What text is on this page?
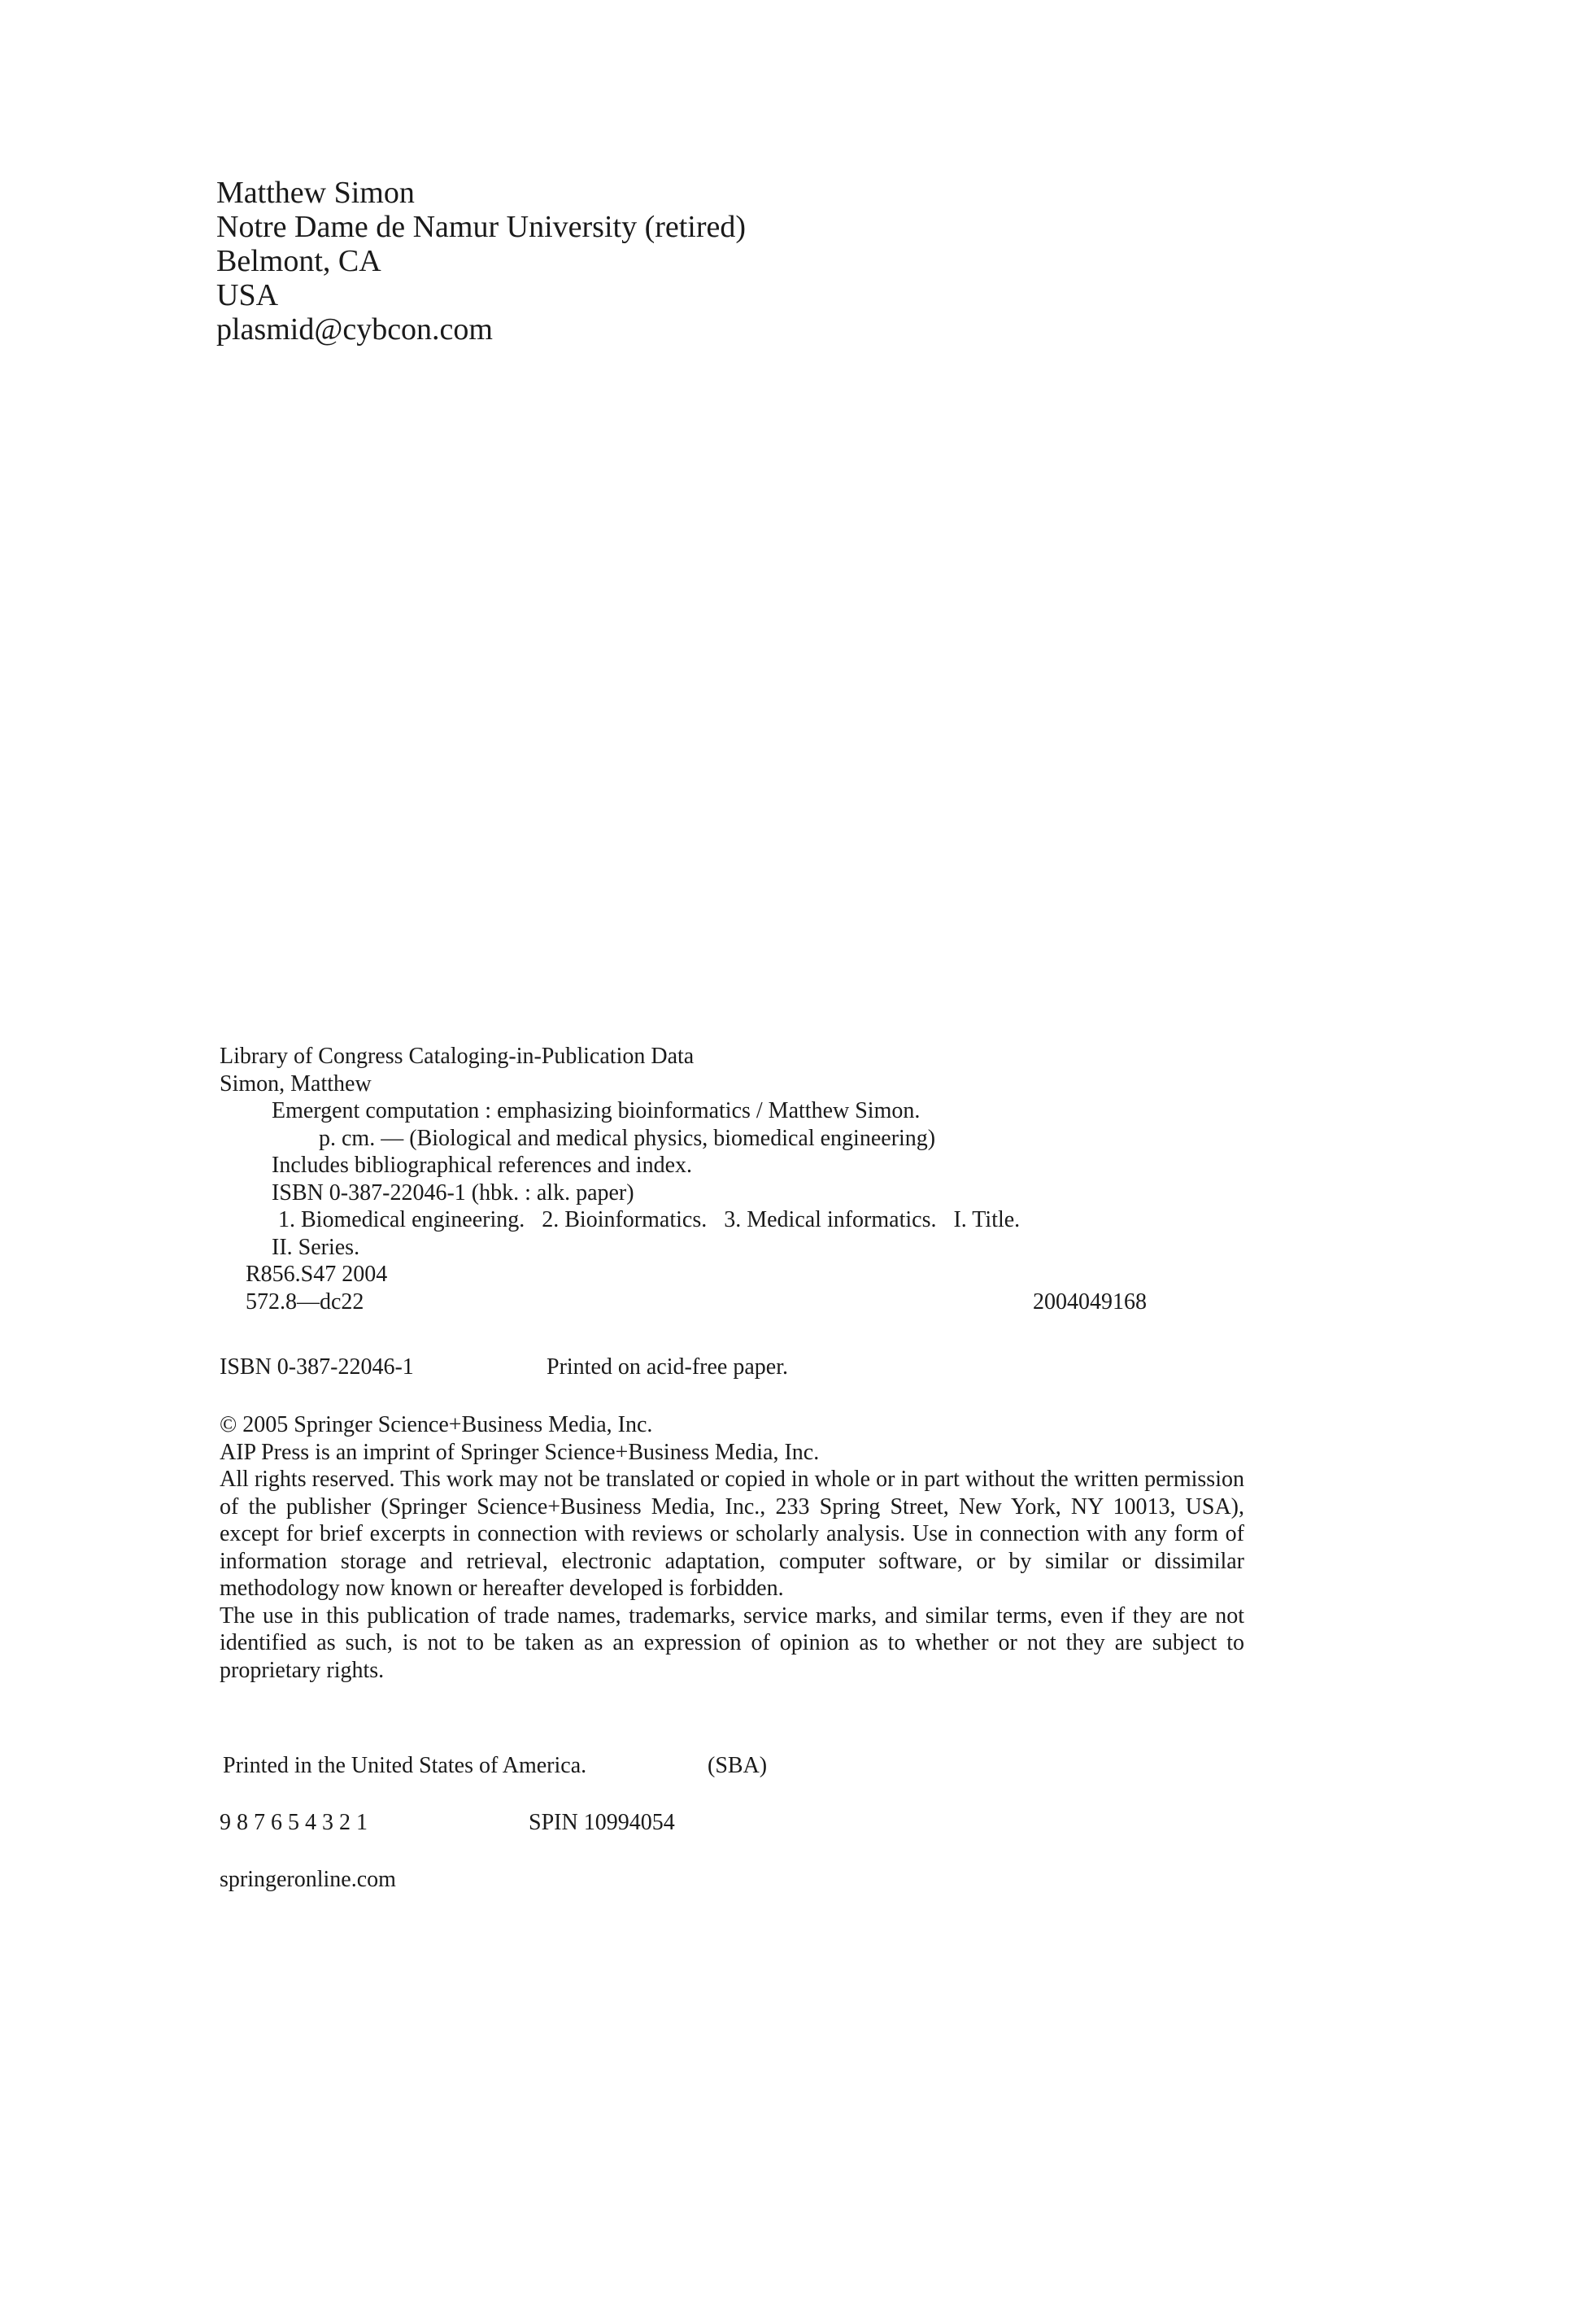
Matthew Simon
Notre Dame de Namur University (retired)
Belmont, CA
USA
plasmid@cybcon.com
Library of Congress Cataloging-in-Publication Data
Simon, Matthew
Emergent computation : emphasizing bioinformatics / Matthew Simon.
p. cm. — (Biological and medical physics, biomedical engineering)
Includes bibliographical references and index.
ISBN 0-387-22046-1 (hbk. : alk. paper)
1. Biomedical engineering.   2. Bioinformatics.   3. Medical informatics.   I. Title.
II. Series.
R856.S47 2004
572.8—dc22	2004049168
ISBN 0-387-22046-1	Printed on acid-free paper.

© 2005 Springer Science+Business Media, Inc.

AIP Press is an imprint of Springer Science+Business Media, Inc.

All rights reserved. This work may not be translated or copied in whole or in part without the written permission of the publisher (Springer Science+Business Media, Inc., 233 Spring Street, New York, NY 10013, USA), except for brief excerpts in connection with reviews or scholarly analysis. Use in connection with any form of information storage and retrieval, electronic adaptation, computer software, or by similar or dissimilar methodology now known or hereafter developed is forbidden.

The use in this publication of trade names, trademarks, service marks, and similar terms, even if they are not identified as such, is not to be taken as an expression of opinion as to whether or not they are subject to proprietary rights.

Printed in the United States of America.	(SBA)
9 8 7 6 5 4 3 2 1	SPIN 10994054
springeronline.com
